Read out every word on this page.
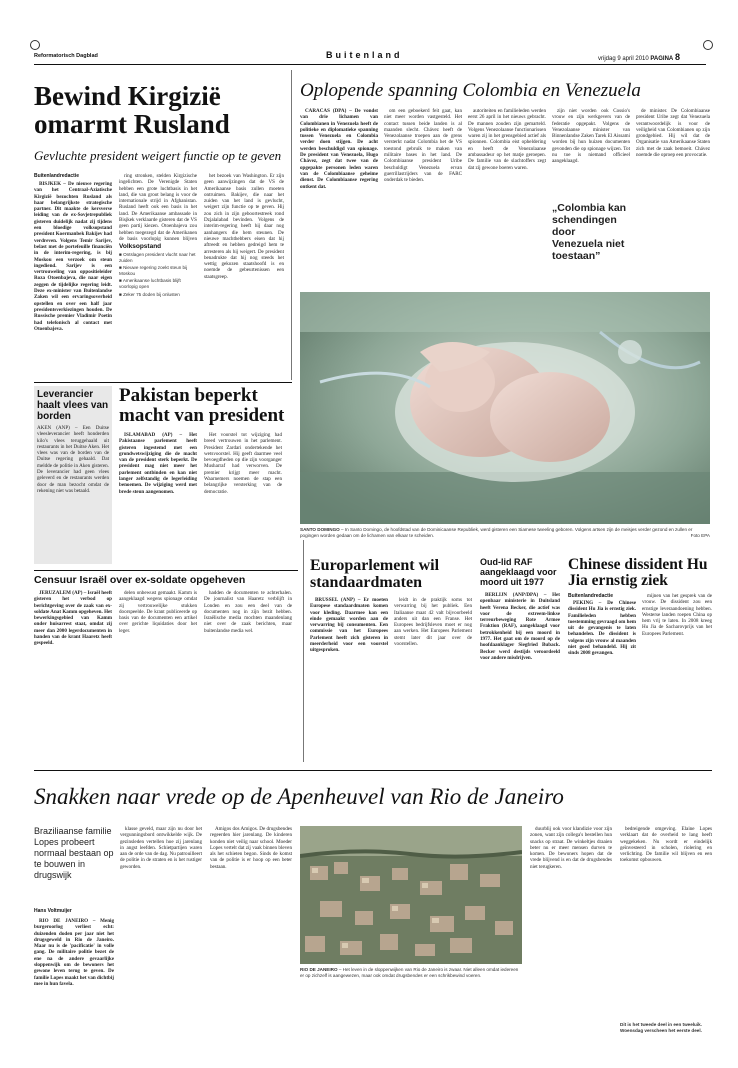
Reformatorisch Dagblad	Buitenland	vrijdag 9 april 2010 PAGINA 8
Bewind Kirgizië omarmt Rusland
Gevluchte president weigert functie op te geven
Buitenlandredactie

BISJKEK – De nieuwe regering van het Centraal-Aziatische Kirgizië bezochten Rusland als haar belangrijkste strategische partner. Dit maakte de kersverse leiding van de ex-Sovjetrepubliek gisteren duidelijk nadat zij tijdens een bloedige volksopstand president Koermanbek Bakijev had verdreven. Volgens Temir Sarijev, belast met de portefeuille financiën in de interim-regering, is bij Moskou een verzoek om steun ingediend. Sarijev is een vertrouweling van oppositieleider Roza Otoenbajeva, die naar eigen zeggen de tijdelijke regering leidt. Deze ex-minister van Buitenlandse Zaken wil een ervaringsoverheid opstellen en over een half jaar presidentsverkiezingen houden. De Russische premier Vladimir Poetin had telefonisch al contact met Otoenbajeva.

ring stronken, stelden Kirgizische ingelichten. De Verenigde Staten hebben een grote luchtbasis in het land, die van groot belang is voor de internationale strijd in Afghanistan. Rusland heeft ook een basis in het land. De Amerikaanse ambassade in Bisjkek verklaarde gisteren dat de VS geen partij kiezen. Otoenbajeva zou hebben toegezegd dat de Amerikanen de basis voorlopig kunnen blijven

Volksopstand
■ Ontslagen president vlucht naar het zuiden
■ Nieuwe regering zoekt steun bij Moskou
■ Amerikaanse luchtbasis blijft voorlopig open
■ Zeker 75 doden bij onlusten

het bezoek van Washington. Er zijn geen aanwijzingen dat de VS de Amerikaanse basis zullen moeten ontruimen. Bakijev, die naar het zuiden van het land is gevlucht, weigert zijn functie op te geven. Hij zou zich in zijn geboortestreek rond Dzjalalabad bevinden. Volgens de interim-regering heeft hij daar nog aanhangers die hem steunen. De nieuwe machthebbers eisen dat hij aftreedt en hebben gedreigd hem te arresteren als hij weigert. De president benadrukte dat hij nog steeds het wettig gekozen staatshoofd is en noemde de gebeurtenissen een staatsgreep.

Oplopende spanning Colombia en Venezuela

CARACAS (DPA) – De vondst van drie lichamen van Colombianen in Venezuela heeft de politieke en diplomatieke spanning tussen Venezuela en Colombia verder doen stijgen. De acht werden beschuldigd van spionage. De president van Venezuela, Hugo Chávez, zegt dat twee van de opgepakte personen leden waren van de Colombiaanse geheime dienst. De Colombiaanse regering ontkent dat.

om een geboekerd feit gaat, kan niet meer worden vastgesteld. Het contact tussen beide landen is al maanden slecht. Chávez heeft de Venezolaanse troepen aan de grens versterkt nadat Colombia het de VS toestond gebruik te maken van militaire bases in het land. De Colombiaanse president Uribe beschuldigt Venezuela ervan guerrillastrijders van de FARC onderdak te bieden.

autoriteiten en familieleden werden eerst 26 april in het nieuws gebracht. De mannen zouden zijn gemarteld. Volgens Venezolaanse functionarissen waren zij in het grensgebied actief als spionnen. Colombia eist opheldering en heeft de Venezolaanse ambassadeur op het matje geroepen. De familie van de slachtoffers zegt dat zij gewone boeren waren.

zijn niet worden ook Cossio's vrouw en zijn werkgevers van de federatie opgepakt. Volgens de Venezolaanse minister van Binnenlandse Zaken Tarek El Aissami worden bij hun huizen documenten gevonden die op spionage wijzen. Tot nu toe is niemand officieel aangeklaagd.

„Colombia kan schendingen door Venezuela niet toestaan”

de minister. De Colombiaanse president Uribe zegt dat Venezuela verantwoordelijk is voor de veiligheid van Colombianen op zijn grondgebied. Hij wil dat de Organisatie van Amerikaanse Staten zich met de zaak bemoeit. Chávez noemde die oproep een provocatie.

SANTO DOMINGO – In Santo Domingo, de hoofdstad van de Dominicaanse Republiek, werd gisteren een Siamese tweeling geboren. Volgens artsen zijn de meisjes verder gezond en zullen er pogingen worden gedaan om de lichamen van elkaar te scheiden.	Foto EPA
Leverancier haalt vlees van borden
AKEN (ANP) – Een Duitse vleesleverancier heeft honderden kilo's vlees teruggehaald uit restaurants in het Duitse Aken. Het vlees was van de borden van de Duitse regering gehaald. Dat meldde de politie in Aken gisteren. De leverancier had geen vlees geleverd en de restaurants werden door de man bezocht omdat de rekening niet was betaald.
Pakistan beperkt macht van president

ISLAMABAD (AP) – Het Pakistaanse parlement heeft gisteren ingestemd met een grondwetswijziging die de macht van de president sterk beperkt. De president mag niet meer het parlement ontbinden en kan niet langer zelfstandig de legerleiding benoemen. De wijziging werd met brede steun aangenomen.

Het voorstel tot wijziging had breed vertrouwen in het parlement. President Zardari ondertekende het wetsvoorstel. Hij geeft daarmee veel bevoegdheden op die zijn voorganger Musharraf had verworven. De premier krijgt meer macht. Waarnemers noemen de stap een belangrijke versterking van de democratie.

Censuur Israël over ex-soldate opgeheven

JERUZALEM (AP) – Israël heeft gisteren het verbod op berichtgeving over de zaak van ex-soldate Anat Kamm opgeheven. Het bewerkingsgebied van Kamm onder huisarrest staat, omdat zij meer dan 2000 legerdocumenten in handen van de krant Haaretz heeft gespeeld.

delen onbewust gemaakt. Kamm is aangeklaagd wegens spionage omdat zij vertrouwelijke stukken doorspeelde. De krant publiceerde op basis van de documenten een artikel over gerichte liquidaties door het leger.

hadden de documenten te achterhalen. De journalist van Haaretz verblijft in Londen en zou een deel van de documenten nog in zijn bezit hebben. Israëlische media mochten maandenlang niet over de zaak berichten, maar buitenlandse media wel.

Europarlement wil standaardmaten

BRUSSEL (ANP) – Er moeten Europese standaardmaten komen voor kleding. Daarmee kan een einde gemaakt worden aan de verwarring bij consumenten. Een commissie van het Europees Parlement heeft zich gisteren in meerderheid voor een voorstel uitgesproken.

leidt in de praktijk soms tot verwarring bij het publiek. Een Italiaanse maat 42 valt bijvoorbeeld anders uit dan een Franse. Het Europees bedrijfsleven moet er nog aan werken. Het Europees Parlement stemt later dit jaar over de voorstellen.

Oud-lid RAF aangeklaagd voor moord uit 1977

BERLIJN (ANP/DPA) – Het openbaar ministerie in Duitsland heeft Verena Becker, die actief was voor de extreem-linkse terreurbeweging Rote Armee Fraktion (RAF), aangeklaagd voor betrokkenheid bij een moord in 1977. Het gaat om de moord op de hoofdaanklager Siegfried Buback. Becker werd destijds veroordeeld voor andere misdrijven.

Chinese dissident Hu Jia ernstig ziek
Buitenlandredactie

PEKING – De Chinese dissident Hu Jia is ernstig ziek. Familieleden hebben toestemming gevraagd om hem uit de gevangenis te laten behandelen. De dissident is volgens zijn vrouw al maanden niet goed behandeld. Hij zit sinds 2008 gevangen.

mijnen van het gesprek van de vrouw. De dissident zou een ernstige leveraandoening hebben. Westerse landen roepen China op hem vrij te laten. In 2008 kreeg Hu Jia de Sacharovprijs van het Europees Parlement.

Snakken naar vrede op de Apenheuvel van Rio de Janeiro
Braziliaanse familie Lopes probeert normaal bestaan op te bouwen in drugswijk
Hans Voltmuijer

RIO DE JANEIRO – Menig burgeroorlog verliest echt: duizenden doden per jaar niet het drugsgeweld in Rio de Janeiro. Maar nu is de 'pacificatie' in volle gang. De militaire politie bezet de ene na de andere gevaarlijke sloppenwijk om de bewoners het gewone leven terug te geven. De familie Lopes maakt het van dichtbij mee in hun favela.

klasse geveld, maar zijn nu door het vergunningsbord ontwikkelde wijk. De gezinsleden vertellen hoe zij jarenlang in angst leefden. Schietpartijen waren aan de orde van de dag. Nu patrouilleert de politie in de straten en is het rustiger geworden.

Amigos dos Amigos. De drugsbendes regeerden hier jarenlang. De kinderen konden niet veilig naar school. Moeder Lopes vertelt dat zij vaak binnen bleven als het schieten begon. Sinds de komst van de politie is er hoop op een beter bestaan.

RIO DE JANEIRO – Het leven in de sloppenwijken van Rio de Janeiro is zwaar. Niet alleen omdat iedereen er op zichzelf is aangewezen, maar ook omdat drugsbendes er een schrikbewind voeren.

duurblij ook voor klandizie voor zijn zonen, want zijn collega's bestellen hun snacks op straat. De winkeltjes draaien beter nu er meer mensen durven te komen. De bewoners hopen dat de vrede blijvend is en dat de drugsbendes niet terugkeren.

bedreigende omgeving. Elaine Lopes verklaart dat de overheid te lang heeft weggekeken. Nu wordt er eindelijk geïnvesteerd in scholen, riolering en verlichting. De familie wil blijven en een toekomst opbouwen.

Dit is het tweede deel in een tweeluik. Woensdag verscheen het eerste deel.
